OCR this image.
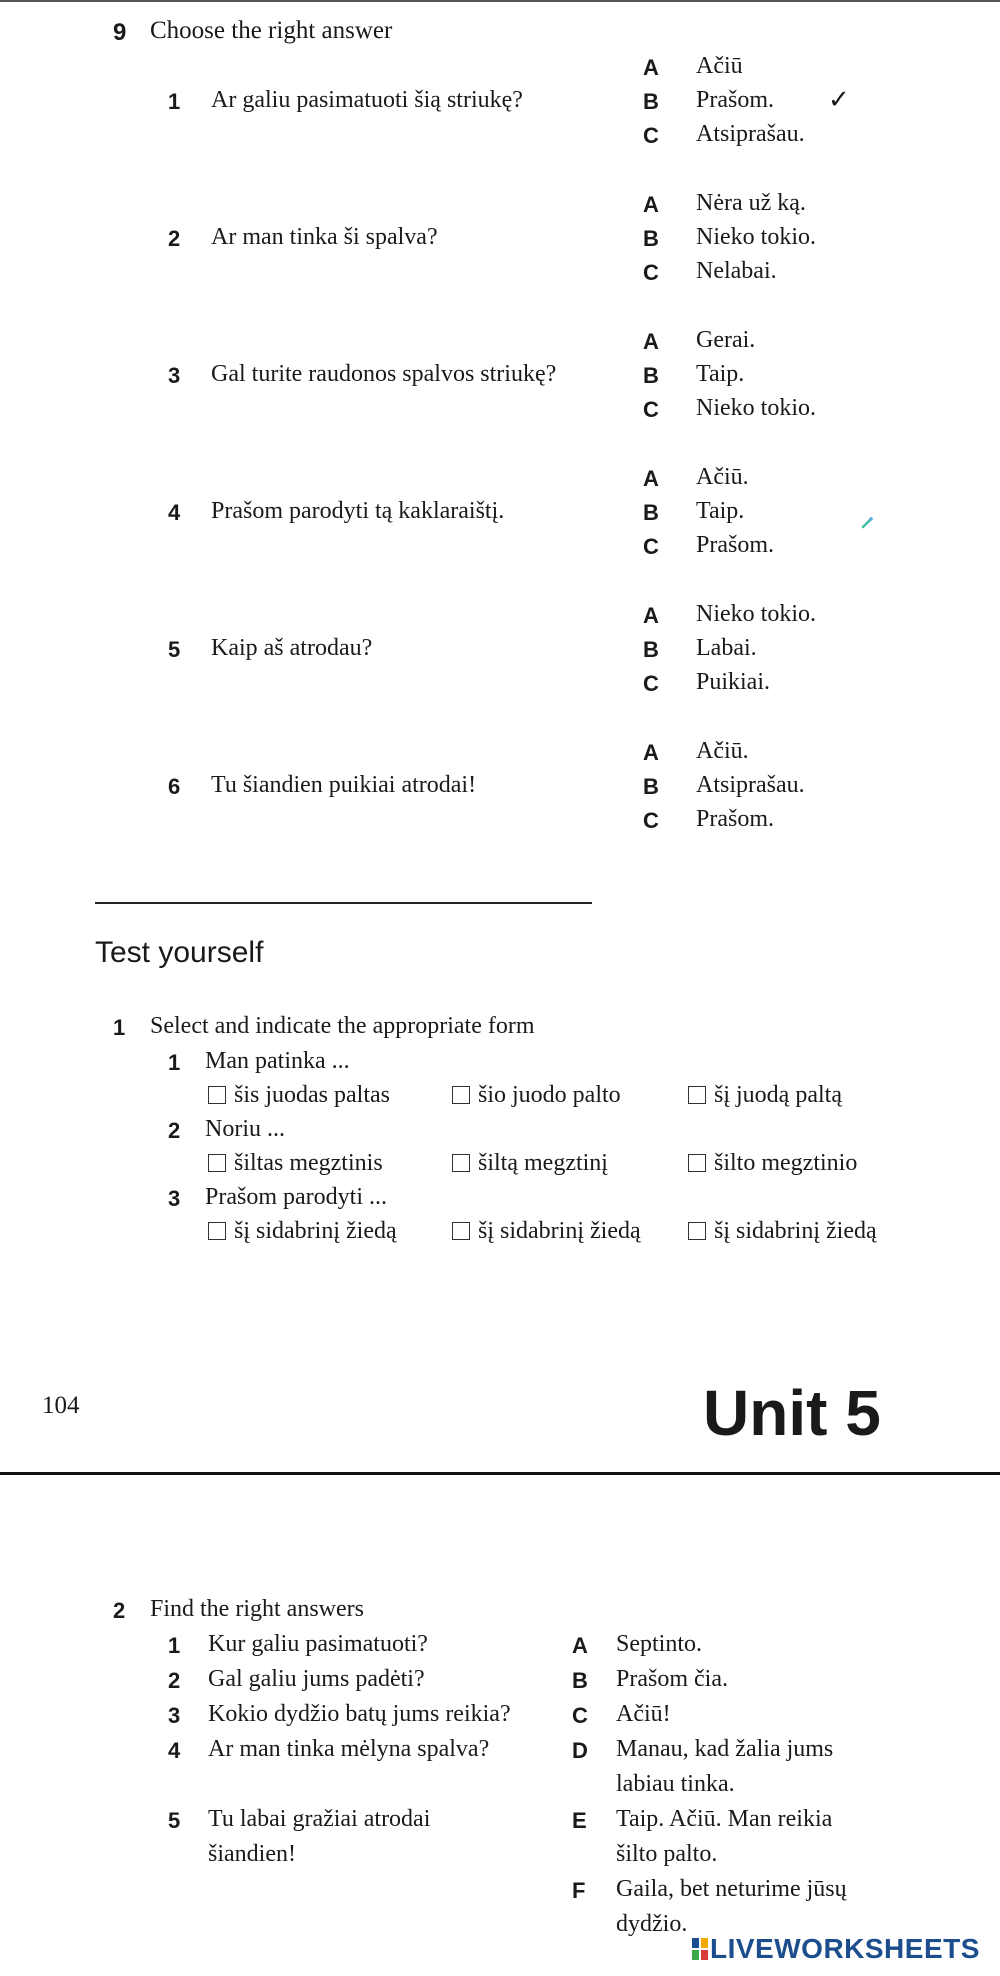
9 Choose the right answer
1 Ar galiu pasimatuoti šią striukę?
A Ačiū
B Prašom. ✓
C Atsiprašau.
2 Ar man tinka ši spalva?
A Nėra už ką.
B Nieko tokio.
C Nelabai.
3 Gal turite raudonos spalvos striukę?
A Gerai.
B Taip.
C Nieko tokio.
4 Prašom parodyti tą kaklaraištį.
A Ačiū.
B Taip.
C Prašom.
5 Kaip aš atrodau?
A Nieko tokio.
B Labai.
C Puikiai.
6 Tu šiandien puikiai atrodai!
A Ačiū.
B Atsiprašau.
C Prašom.
Test yourself
1 Select and indicate the appropriate form
1 Man patinka ...
šis juodas paltas	šio juodo palto	šį juodą paltą
2 Noriu ...
šiltas megztinis	šiltą megztinį	šilto megztinio
3 Prašom parodyti ...
šį sidabrinį žiedą	šį sidabrinį žiedą	šį sidabrinį žiedą
104	Unit 5
2 Find the right answers
1 Kur galiu pasimatuoti?
2 Gal galiu jums padėti?
3 Kokio dydžio batų jums reikia?
4 Ar man tinka mėlyna spalva?
5 Tu labai gražiai atrodai
šiandien!
A Septinto.
B Prašom čia.
C Ačiū!
D Manau, kad žalia jums
labiau tinka.
E Taip. Ačiū. Man reikia
šilto palto.
F Gaila, bet neturime jūsų
dydžio.
LIVEWORKSHEETS
